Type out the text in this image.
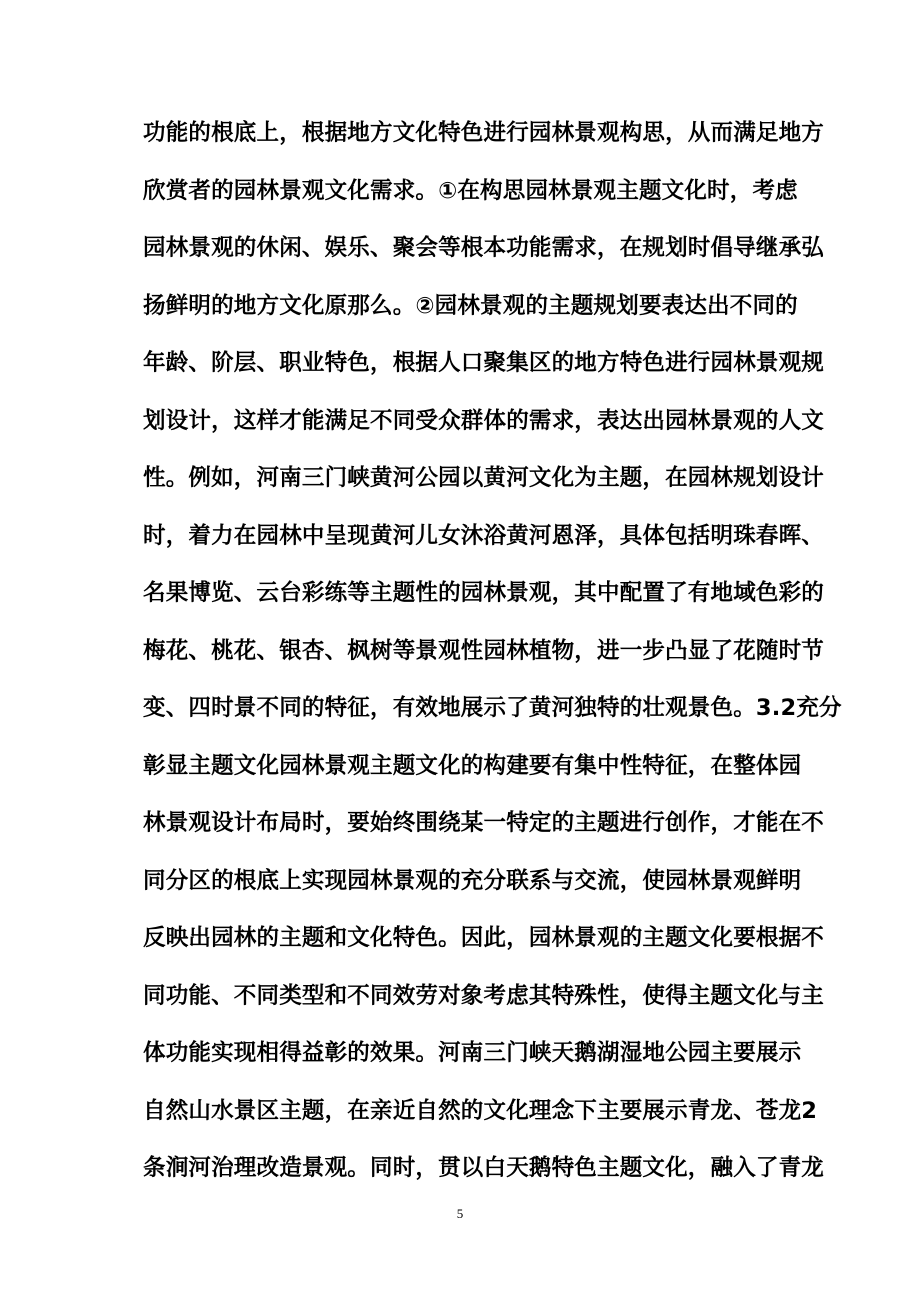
功能的根底上，根据地方文化特色进行园林景观构思，从而满足地方
欣赏者的园林景观文化需求。①在构思园林景观主题文化时，考虑
园林景观的休闲、娱乐、聚会等根本功能需求，在规划时倡导继承弘
扬鲜明的地方文化原那么。②园林景观的主题规划要表达出不同的
年龄、阶层、职业特色，根据人口聚集区的地方特色进行园林景观规
划设计，这样才能满足不同受众群体的需求，表达出园林景观的人文
性。例如，河南三门峡黄河公园以黄河文化为主题，在园林规划设计
时，着力在园林中呈现黄河儿女沐浴黄河恩泽，具体包括明珠春晖、
名果博览、云台彩练等主题性的园林景观，其中配置了有地域色彩的
梅花、桃花、银杏、枫树等景观性园林植物，进一步凸显了花随时节
变、四时景不同的特征，有效地展示了黄河独特的壮观景色。3.2充分
彰显主题文化园林景观主题文化的构建要有集中性特征，在整体园
林景观设计布局时，要始终围绕某一特定的主题进行创作，才能在不
同分区的根底上实现园林景观的充分联系与交流，使园林景观鲜明
反映出园林的主题和文化特色。因此，园林景观的主题文化要根据不
同功能、不同类型和不同效劳对象考虑其特殊性，使得主题文化与主
体功能实现相得益彰的效果。河南三门峡天鹅湖湿地公园主要展示
自然山水景区主题，在亲近自然的文化理念下主要展示青龙、苍龙2
条涧河治理改造景观。同时，贯以白天鹅特色主题文化，融入了青龙
5
